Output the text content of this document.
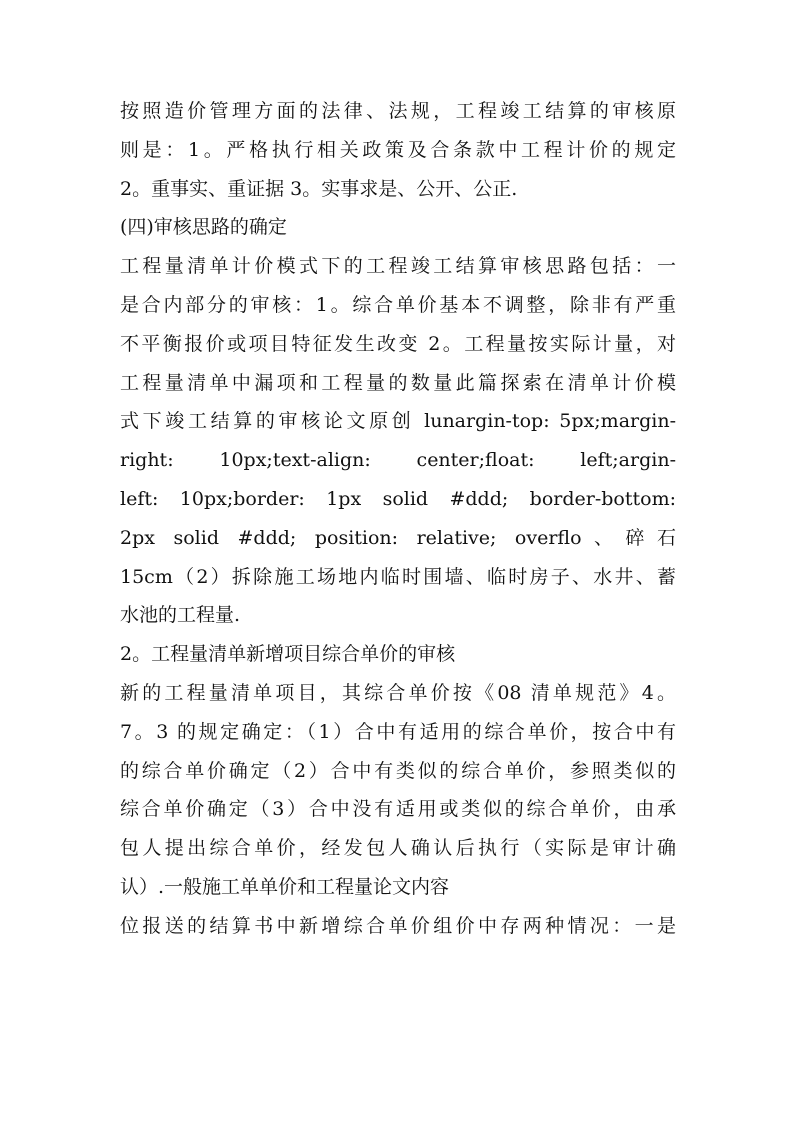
按照造价管理方面的法律、法规，工程竣工结算的审核原
则是：1。严格执行相关政策及合条款中工程计价的规定
2。重事实、重证据 3。实事求是、公开、公正.
(四)审核思路的确定
工程量清单计价模式下的工程竣工结算审核思路包括：一
是合内部分的审核：1。综合单价基本不调整，除非有严重
不平衡报价或项目特征发生改变 2。工程量按实际计量，对
工程量清单中漏项和工程量的数量此篇探索在清单计价模
式下竣工结算的审核论文原创 lunargin-top: 5px;margin-
right: 10px;text-align: center;float: left;argin-
left: 10px;border: 1px solid #ddd; border-bottom:
2px solid #ddd; position: relative; overflo、碎石
15cm（2）拆除施工场地内临时围墙、临时房子、水井、蓄
水池的工程量.
2。工程量清单新增项目综合单价的审核
新的工程量清单项目，其综合单价按《08 清单规范》4。
7。3 的规定确定：（1）合中有适用的综合单价，按合中有
的综合单价确定（2）合中有类似的综合单价，参照类似的
综合单价确定（3）合中没有适用或类似的综合单价，由承
包人提出综合单价，经发包人确认后执行（实际是审计确
认）.一般施工单单价和工程量论文内容
位报送的结算书中新增综合单价组价中存两种情况：一是
